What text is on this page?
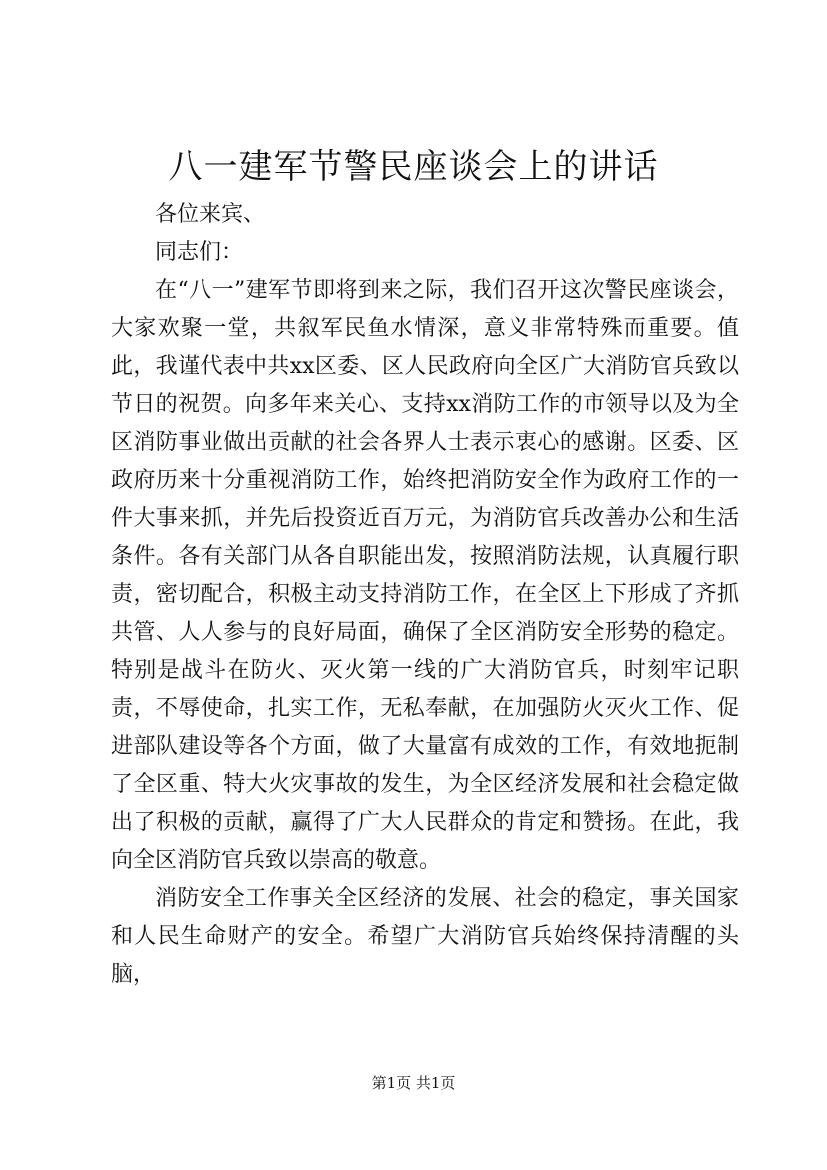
八一建军节警民座谈会上的讲话

各位来宾、

同志们：

在“八一”建军节即将到来之际，我们召开这次警民座谈会，大家欢聚一堂，共叙军民鱼水情深，意义非常特殊而重要。值此，我谨代表中共xx区委、区人民政府向全区广大消防官兵致以节日的祝贺。向多年来关心、支持xx消防工作的市领导以及为全区消防事业做出贡献的社会各界人士表示衷心的感谢。区委、区政府历来十分重视消防工作，始终把消防安全作为政府工作的一件大事来抓，并先后投资近百万元，为消防官兵改善办公和生活条件。各有关部门从各自职能出发，按照消防法规，认真履行职责，密切配合，积极主动支持消防工作，在全区上下形成了齐抓共管、人人参与的良好局面，确保了全区消防安全形势的稳定。特别是战斗在防火、灭火第一线的广大消防官兵，时刻牢记职责，不辱使命，扎实工作，无私奉献，在加强防火灭火工作、促进部队建设等各个方面，做了大量富有成效的工作，有效地扼制了全区重、特大火灾事故的发生，为全区经济发展和社会稳定做出了积极的贡献，赢得了广大人民群众的肯定和赞扬。在此，我向全区消防官兵致以崇高的敬意。

消防安全工作事关全区经济的发展、社会的稳定，事关国家和人民生命财产的安全。希望广大消防官兵始终保持清醒的头脑，

第1页 共1页
